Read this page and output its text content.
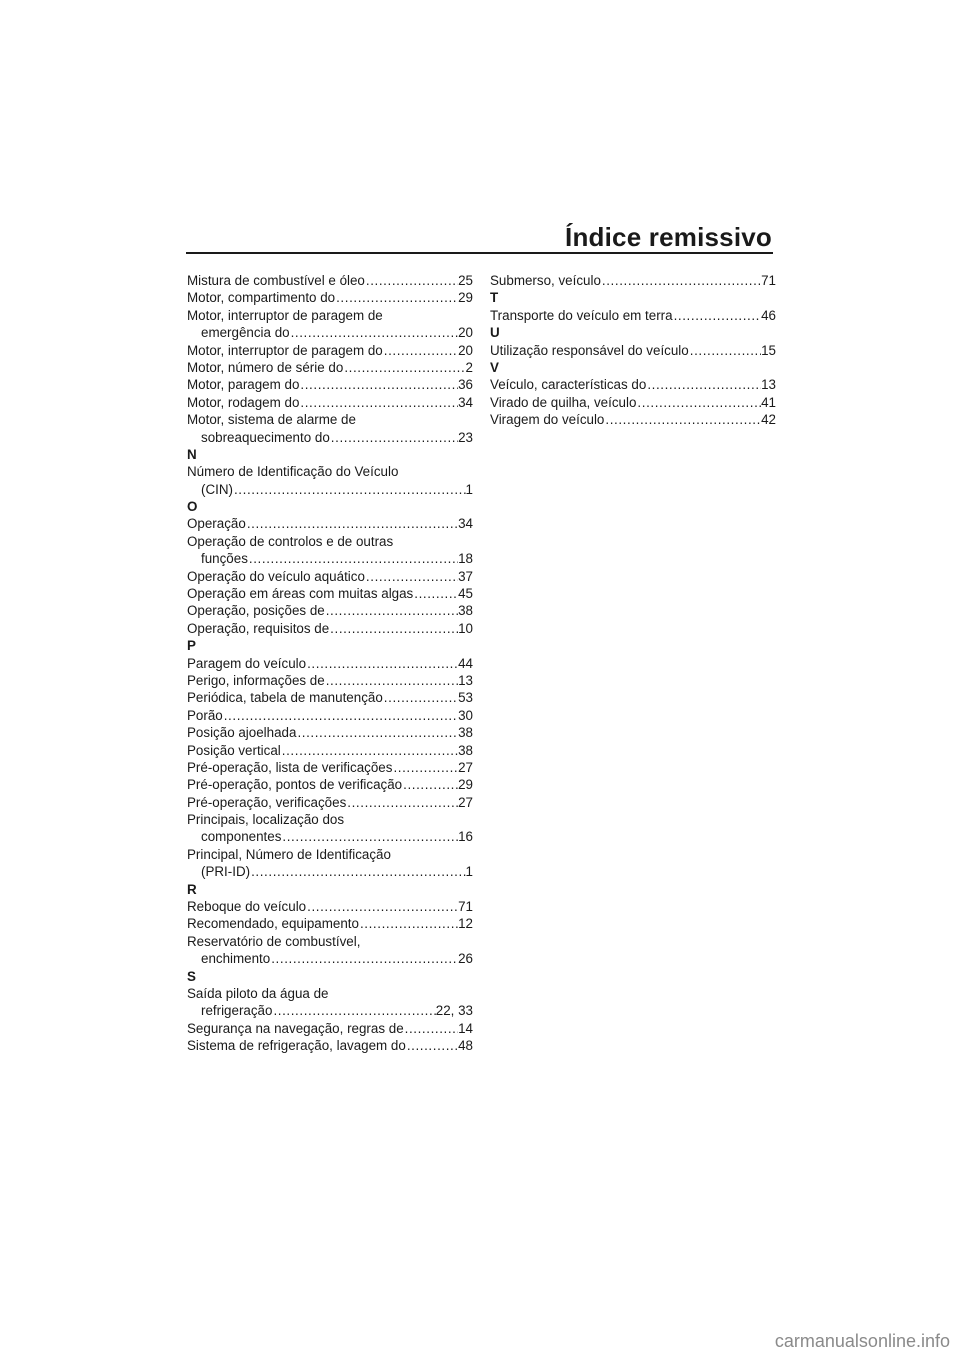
Índice remissivo
Mistura de combustível e óleo .....	25
Motor, compartimento do .....	29
Motor, interruptor de paragem de
emergência do .....	20
Motor, interruptor de paragem do .....	20
Motor, número de série do .....	2
Motor, paragem do .....	36
Motor, rodagem do .....	34
Motor, sistema de alarme de
sobreaquecimento do .....	23
N
Número de Identificação do Veículo
(CIN) .....	1
O
Operação .....	34
Operação de controlos e de outras
funções .....	18
Operação do veículo aquático .....	37
Operação em áreas com muitas algas .....	45
Operação, posições de .....	38
Operação, requisitos de .....	10
P
Paragem do veículo .....	44
Perigo, informações de .....	13
Periódica, tabela de manutenção .....	53
Porão .....	30
Posição ajoelhada .....	38
Posição vertical .....	38
Pré-operação, lista de verificações .....	27
Pré-operação, pontos de verificação .....	29
Pré-operação, verificações .....	27
Principais, localização dos
componentes .....	16
Principal, Número de Identificação
(PRI-ID) .....	1
R
Reboque do veículo .....	71
Recomendado, equipamento .....	12
Reservatório de combustível,
enchimento .....	26
S
Saída piloto da água de
refrigeração .....	22, 33
Segurança na navegação, regras de .....	14
Sistema de refrigeração, lavagem do .....	48
Submerso, veículo .....	71
T
Transporte do veículo em terra .....	46
U
Utilização responsável do veículo .....	15
V
Veículo, características do .....	13
Virado de quilha, veículo .....	41
Viragem do veículo .....	42
carmanualsonline.info
